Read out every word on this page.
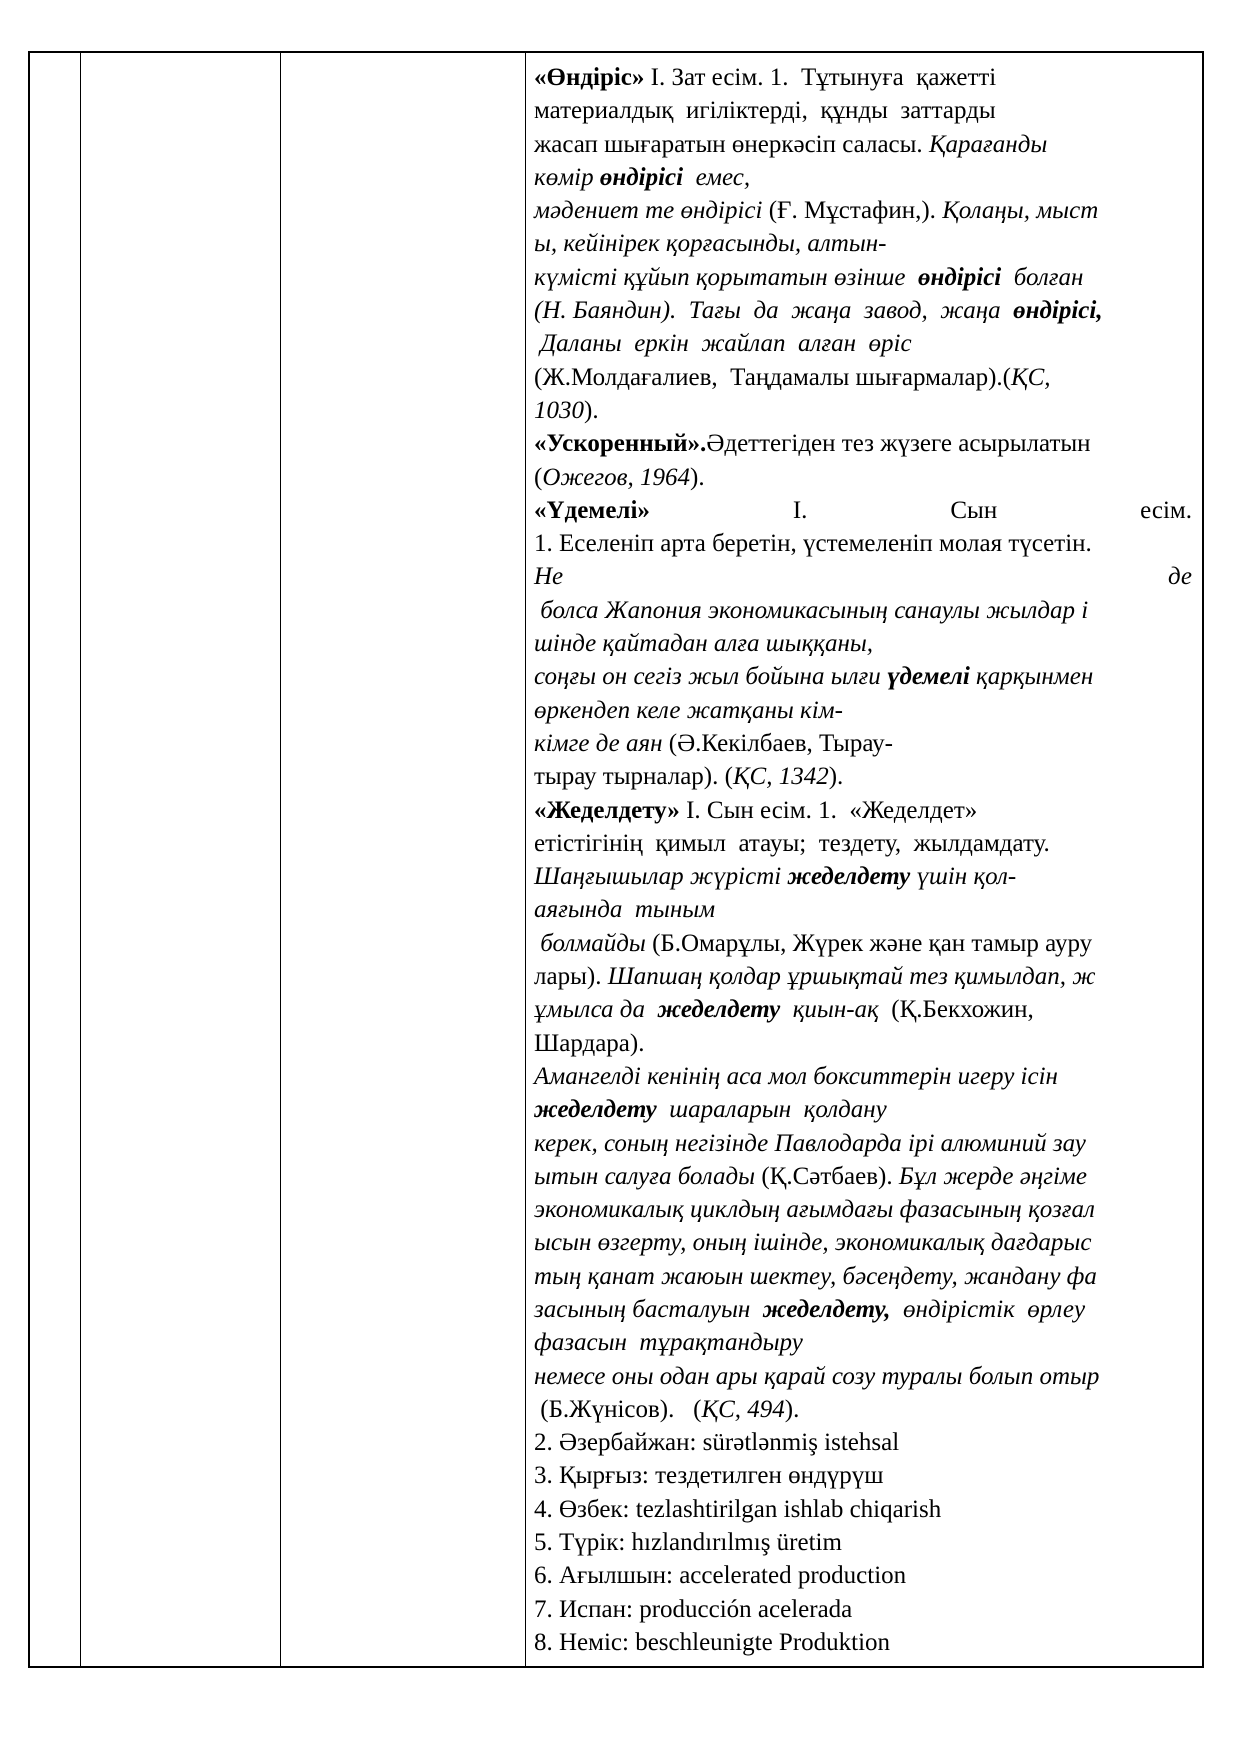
«Өндіріс» І. Зат есім. 1.  Тұтынуға  қажетті
материалдық  игіліктерді,  құнды  заттарды
жасап шығаратын өнеркәсіп саласы. Қарағанды
көмір өндірісі  емес,
мәдениет те өндірісі (Ғ. Мұстафин,). Қолаңы, мыст
ы, кейінірек қорғасынды, алтын-
күмісті құйып қорытатын өзінше  өндірісі  болған
(Н. Баяндин).  Тағы  да  жаңа  завод,  жаңа  өндірісі,
Даланы  еркін  жайлап  алған  өріс
(Ж.Молдағалиев,  Таңдамалы шығармалар).(ҚС,
1030).
«Ускоренный».Әдеттегіден тез жүзеге асырылатын
(Ожегов, 1964).
«Үдемелі» І. Сын есім.
1. Еселеніп арта беретін, үстемеленіп молая түсетін.
Не де
болса Жапония экономикасының санаулы жылдар і
шінде қайтадан алға шыққаны,
соңғы он сегіз жыл бойына ылғи үдемелі қарқынмен
өркендеп келе жатқаны кім-
кімге де аян (Ә.Кекілбаев, Тырау-
тырау тырналар). (ҚС, 1342).
«Жеделдету» І. Сын есім. 1.  «Жеделдет»
етістігінің  қимыл  атауы;  тездету,  жылдамдату.
Шаңғышылар жүрісті жеделдету үшін қол-
аяғында  тыным
болмайды (Б.Омарұлы, Жүрек және қан тамыр ауру
лары). Шапшаң қолдар ұршықтай тез қимылдап, ж
ұмылса да  жеделдету  қиын-ақ  (Қ.Бекхожин,
Шардара).
Амангелді кенінің аса мол бокситтерін игеру ісін
жеделдету  шараларын  қолдану
керек, соның негізінде Павлодарда ірі алюминий зау
ытын салуға болады (Қ.Сәтбаев). Бұл жерде әңгіме
экономикалық циклдың ағымдағы фазасының қозғал
ысын өзгерту, оның ішінде, экономикалық дағдарыс
тың қанат жаюын шектеу, бәсеңдету, жандану фа
засының басталуын  жеделдету,  өндірістік  өрлеу
фазасын  тұрақтандыру
немесе оны одан ары қарай созу туралы болып отыр
(Б.Жүнісов).   (ҚС, 494).
2. Әзербайжан: sürətlənmiş istehsal
3. Қырғыз: тездетилген өндүрүш
4. Өзбек: tezlashtirilgan ishlab chiqarish
5. Түрік: hızlandırılmış üretim
6. Ағылшын: accelerated production
7. Испан: producción acelerada
8. Неміс: beschleunigte Produktion
